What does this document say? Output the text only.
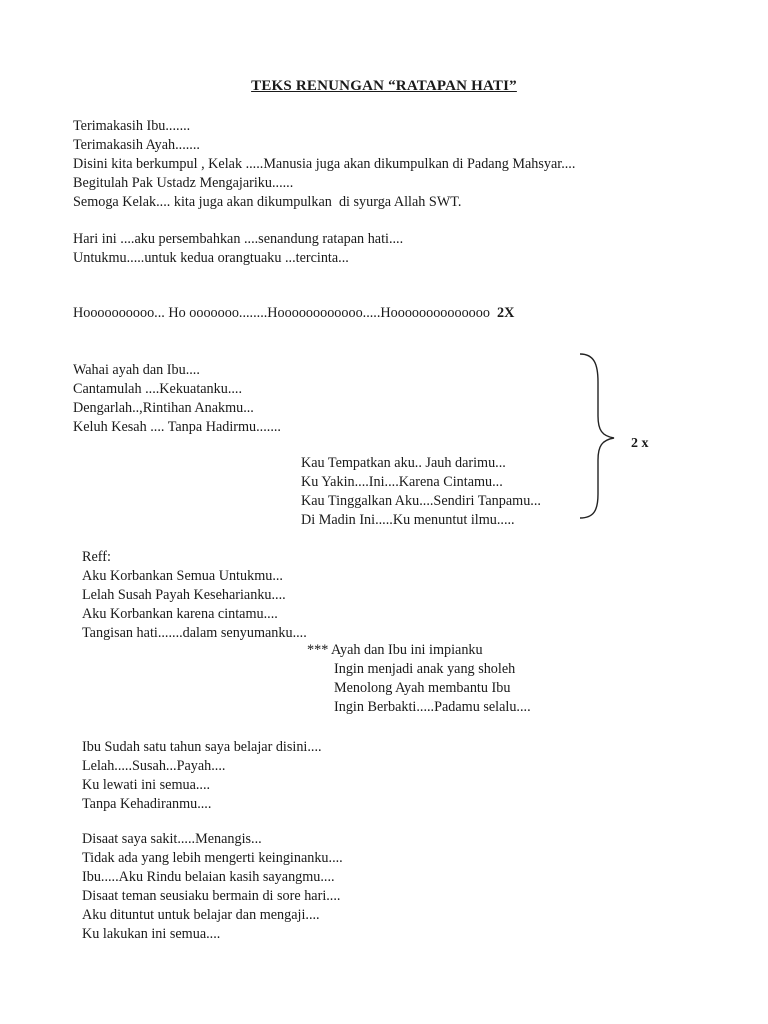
TEKS RENUNGAN “RATAPAN HATI”
Terimakasih Ibu.......
Terimakasih Ayah.......
Disini kita berkumpul , Kelak .....Manusia juga akan dikumpulkan di Padang Mahsyar....
Begitulah Pak Ustadz Mengajariku......
Semoga Kelak.... kita juga akan dikumpulkan  di syurga Allah SWT.
Hari ini ....aku persembahkan ....senandung ratapan hati....
Untukmu.....untuk kedua orangtuaku ...tercinta...
Hoooooooooo... Ho ooooooo........Hoooooooooooo.....Hoooooooooooooo  2X
Wahai ayah dan Ibu....
Cantamulah ....Kekuatanku....
Dengarlah..,Rintihan Anakmu...
Keluh Kesah .... Tanpa Hadirmu.......
Kau Tempatkan aku.. Jauh darimu...
Ku Yakin....Ini....Karena Cintamu...
Kau Tinggalkan Aku....Sendiri Tanpamu...
Di Madin Ini.....Ku menuntut ilmu.....
2 x
Reff:
Aku Korbankan Semua Untukmu...
Lelah Susah Payah Keseharianku....
Aku Korbankan karena cintamu....
Tangisan hati.......dalam senyumanku....
*** Ayah dan Ibu ini impianku
Ingin menjadi anak yang sholeh
Menolong Ayah membantu Ibu
Ingin Berbakti.....Padamu selalu....
Ibu Sudah satu tahun saya belajar disini....
Lelah.....Susah...Payah....
Ku lewati ini semua....
Tanpa Kehadiranmu....
Disaat saya sakit.....Menangis...
Tidak ada yang lebih mengerti keinginanku....
Ibu.....Aku Rindu belaian kasih sayangmu....
Disaat teman seusiaku bermain di sore hari....
Aku dituntut untuk belajar dan mengaji....
Ku lakukan ini semua....
